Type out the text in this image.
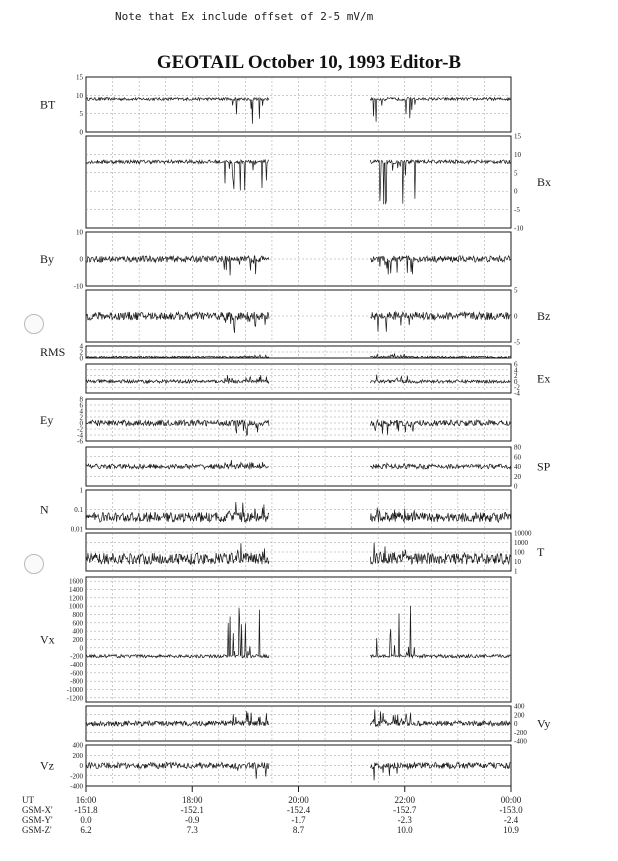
Note that Ex include offset of 2-5 mV/m
GEOTAIL October 10, 1993 Editor-B
15
10
5
0
BT
15
10
5
0
-5
-10
Bx
10
0
-10
By
5
0
-5
Bz
4
2
0
RMS
6
4
2
0
-2
-4
Ex
8
6
4
2
0
-2
-4
-6
Ey
80
60
40
20
0
SP
1
0.1
0.01
N
10000
1000
100
10
1
T
1600
1400
1200
1000
800
600
400
200
0
-200
-400
-600
-800
-1000
-1200
Vx
400
200
0
-200
-400
Vy
400
200
0
-200
-400
Vz
UT
GSM-X'
GSM-Y'
GSM-Z'
16:00
-151.8
0.0
6.2
18:00
-152.1
-0.9
7.3
20:00
-152.4
-1.7
8.7
22:00
-152.7
-2.3
10.0
00:00
-153.0
-2.4
10.9
